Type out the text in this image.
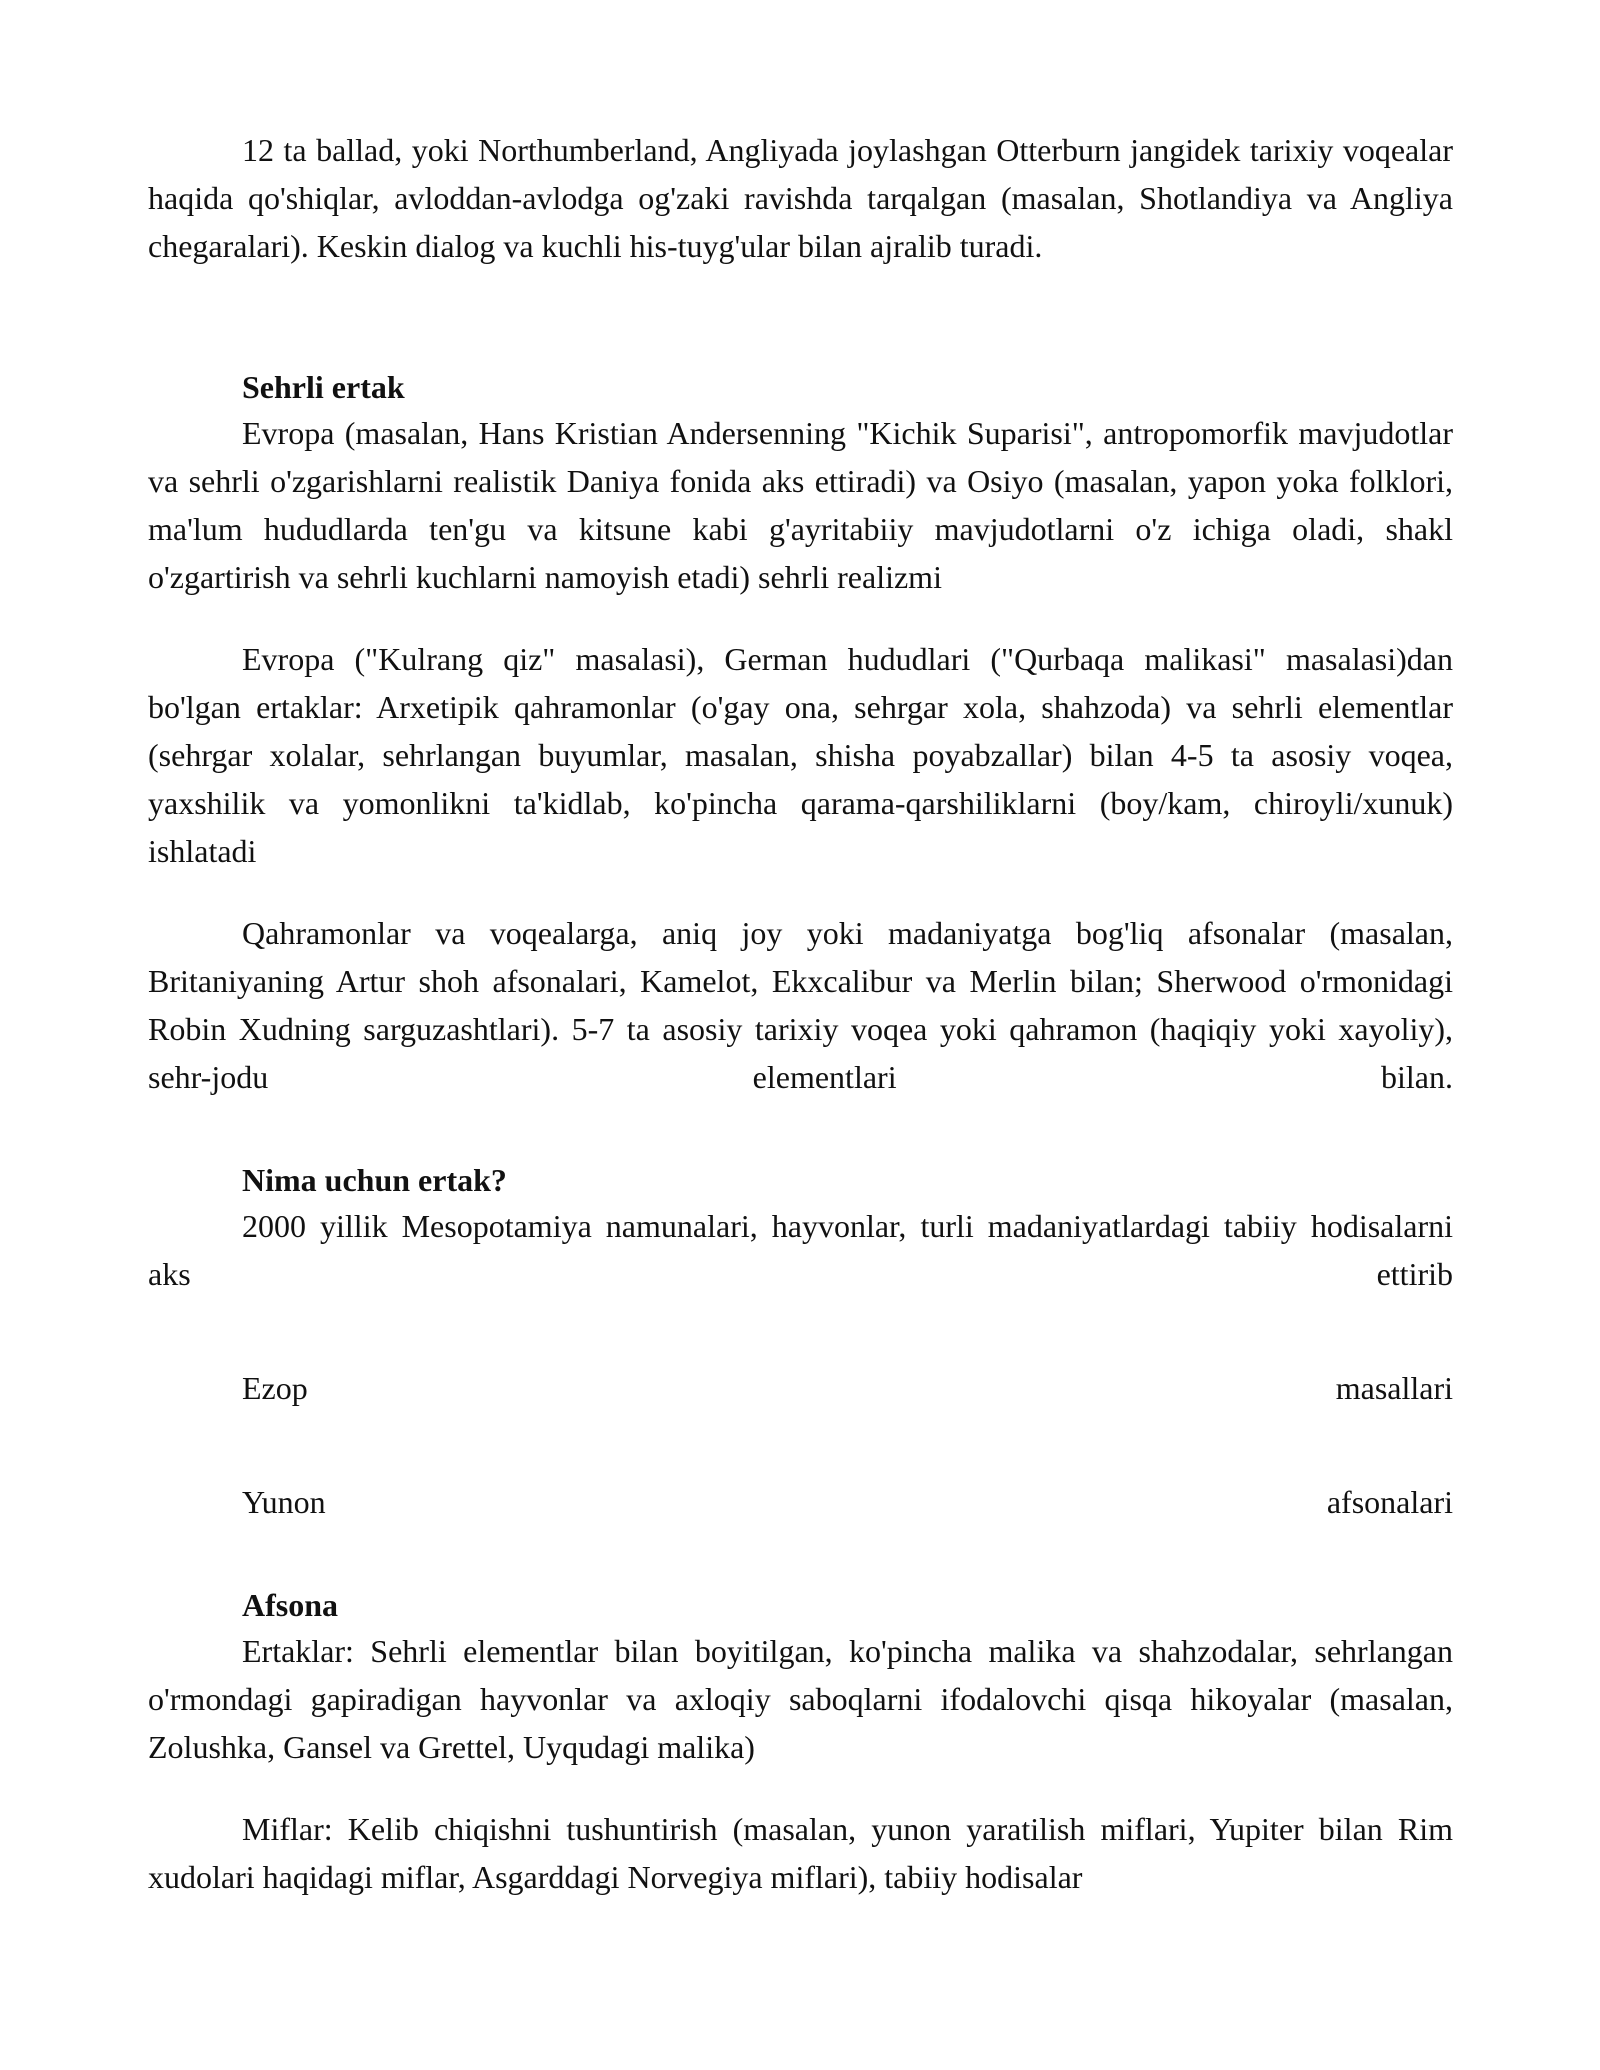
12 ta ballad, yoki Northumberland, Angliyada joylashgan Otterburn jangidek tarixiy voqealar haqida qo'shiqlar, avloddan-avlodga og'zaki ravishda tarqalgan (masalan, Shotlandiya va Angliya chegaralari). Keskin dialog va kuchli his-tuyg'ular bilan ajralib turadi.

Sehrli ertak

Evropa (masalan, Hans Kristian Andersenning "Kichik Suparisi", antropomorfik mavjudotlar va sehrli o'zgarishlarni realistik Daniya fonida aks ettiradi) va Osiyo (masalan, yapon yoka folklori, ma'lum hududlarda ten'gu va kitsune kabi g'ayritabiiy mavjudotlarni o'z ichiga oladi, shakl o'zgartirish va sehrli kuchlarni namoyish etadi) sehrli realizmi

Evropa ("Kulrang qiz" masalasi), German hududlari ("Qurbaqa malikasi" masalasi)dan bo'lgan ertaklar: Arxetipik qahramonlar (o'gay ona, sehrgar xola, shahzoda) va sehrli elementlar (sehrgar xolalar, sehrlangan buyumlar, masalan, shisha poyabzallar) bilan 4-5 ta asosiy voqea, yaxshilik va yomonlikni ta'kidlab, ko'pincha qarama-qarshiliklarni (boy/kam, chiroyli/xunuk) ishlatadi

Qahramonlar va voqealarga, aniq joy yoki madaniyatga bog'liq afsonalar (masalan, Britaniyaning Artur shoh afsonalari, Kamelot, Ekxcalibur va Merlin bilan; Sherwood o'rmonidagi Robin Xudning sarguzashtlari). 5-7 ta asosiy tarixiy voqea yoki qahramon (haqiqiy yoki xayoliy), sehr-jodu elementlari bilan.

Nima uchun ertak?

2000 yillik Mesopotamiya namunalari, hayvonlar, turli madaniyatlardagi tabiiy hodisalarni aks ettirib

Ezop	masallari
Yunon	afsonalari

Afsona

Ertaklar: Sehrli elementlar bilan boyitilgan, ko'pincha malika va shahzodalar, sehrlangan o'rmondagi gapiradigan hayvonlar va axloqiy saboqlarni ifodalovchi qisqa hikoyalar (masalan, Zolushka, Gansel va Grettel, Uyqudagi malika)

Miflar: Kelib chiqishni tushuntirish (masalan, yunon yaratilish miflari, Yupiter bilan Rim xudolari haqidagi miflar, Asgarddagi Norvegiya miflari), tabiiy hodisalar
